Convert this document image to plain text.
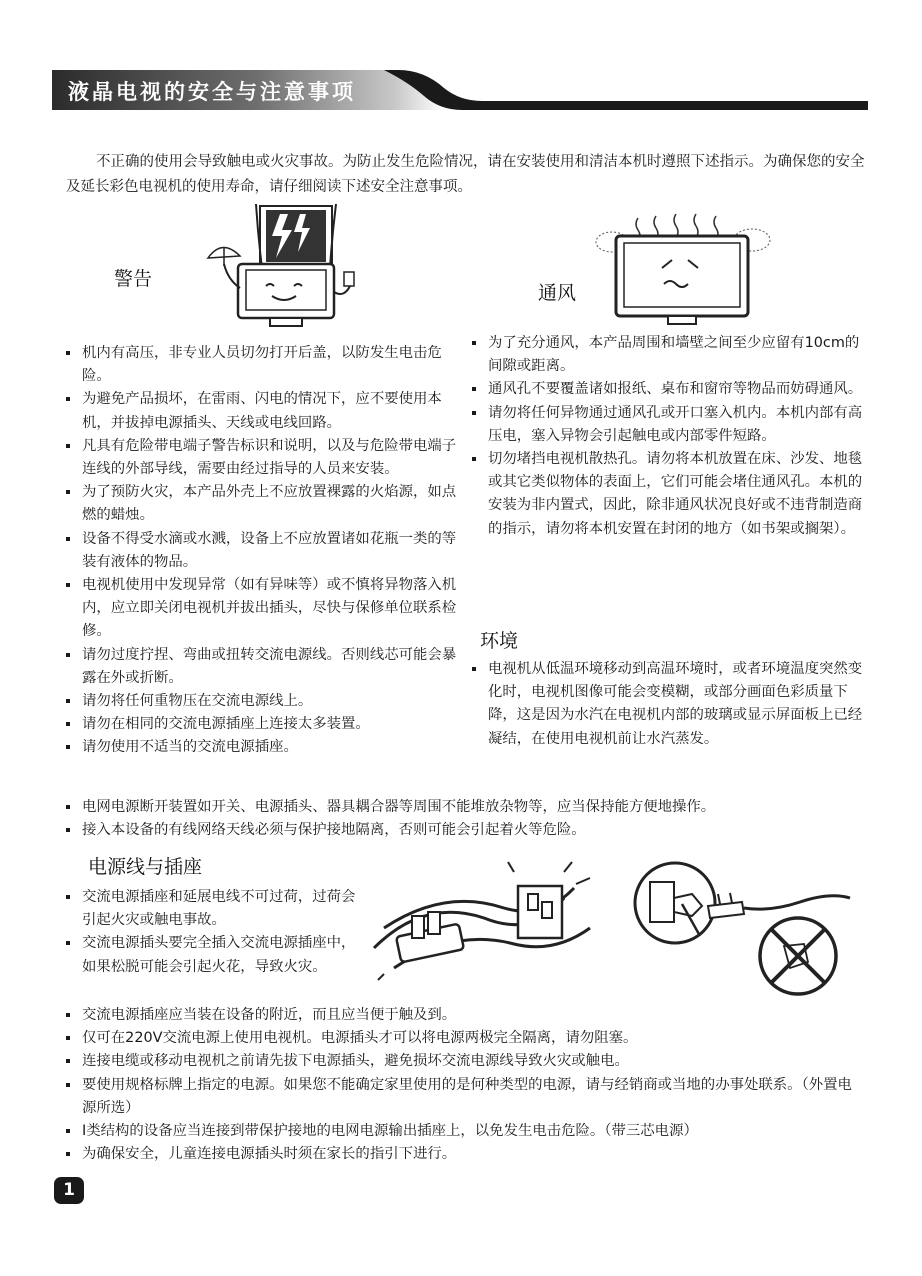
液晶电视的安全与注意事项

不正确的使用会导致触电或火灾事故。为防止发生危险情况，请在安装使用和清洁本机时遵照下述指示。为确保您的安全及延长彩色电视机的使用寿命，请仔细阅读下述安全注意事项。

警告
通风
机内有高压，非专业人员切勿打开后盖，以防发生电击危险。
为避免产品损坏，在雷雨、闪电的情况下，应不要使用本机，并拔掉电源插头、天线或电线回路。
凡具有危险带电端子警告标识和说明，以及与危险带电端子连线的外部导线，需要由经过指导的人员来安装。
为了预防火灾，本产品外壳上不应放置裸露的火焰源，如点燃的蜡烛。
设备不得受水滴或水溅，设备上不应放置诸如花瓶一类的等装有液体的物品。
电视机使用中发现异常（如有异味等）或不慎将异物落入机内，应立即关闭电视机并拔出插头，尽快与保修单位联系检修。
请勿过度拧捏、弯曲或扭转交流电源线。否则线芯可能会暴露在外或折断。
请勿将任何重物压在交流电源线上。
请勿在相同的交流电源插座上连接太多装置。
请勿使用不适当的交流电源插座。
为了充分通风，本产品周围和墙壁之间至少应留有10cm的间隙或距离。
通风孔不要覆盖诸如报纸、桌布和窗帘等物品而妨碍通风。
请勿将任何异物通过通风孔或开口塞入机内。本机内部有高压电，塞入异物会引起触电或内部零件短路。
切勿堵挡电视机散热孔。请勿将本机放置在床、沙发、地毯或其它类似物体的表面上，它们可能会堵住通风孔。本机的安装为非内置式，因此，除非通风状况良好或不违背制造商的指示，请勿将本机安置在封闭的地方（如书架或搁架）。
环境
电视机从低温环境移动到高温环境时，或者环境温度突然变化时，电视机图像可能会变模糊，或部分画面色彩质量下降，这是因为水汽在电视机内部的玻璃或显示屏面板上已经凝结，在使用电视机前让水汽蒸发。
电网电源断开装置如开关、电源插头、器具耦合器等周围不能堆放杂物等，应当保持能方便地操作。
接入本设备的有线网络天线必须与保护接地隔离，否则可能会引起着火等危险。
电源线与插座
交流电源插座和延展电线不可过荷，过荷会引起火灾或触电事故。
交流电源插头要完全插入交流电源插座中，如果松脱可能会引起火花，导致火灾。
交流电源插座应当装在设备的附近，而且应当便于触及到。
仅可在220V交流电源上使用电视机。电源插头才可以将电源两极完全隔离，请勿阻塞。
连接电缆或移动电视机之前请先拔下电源插头，避免损坏交流电源线导致火灾或触电。
要使用规格标牌上指定的电源。如果您不能确定家里使用的是何种类型的电源，请与经销商或当地的办事处联系。（外置电源所选）
Ⅰ类结构的设备应当连接到带保护接地的电网电源输出插座上，以免发生电击危险。（带三芯电源）
为确保安全，儿童连接电源插头时须在家长的指引下进行。
1
